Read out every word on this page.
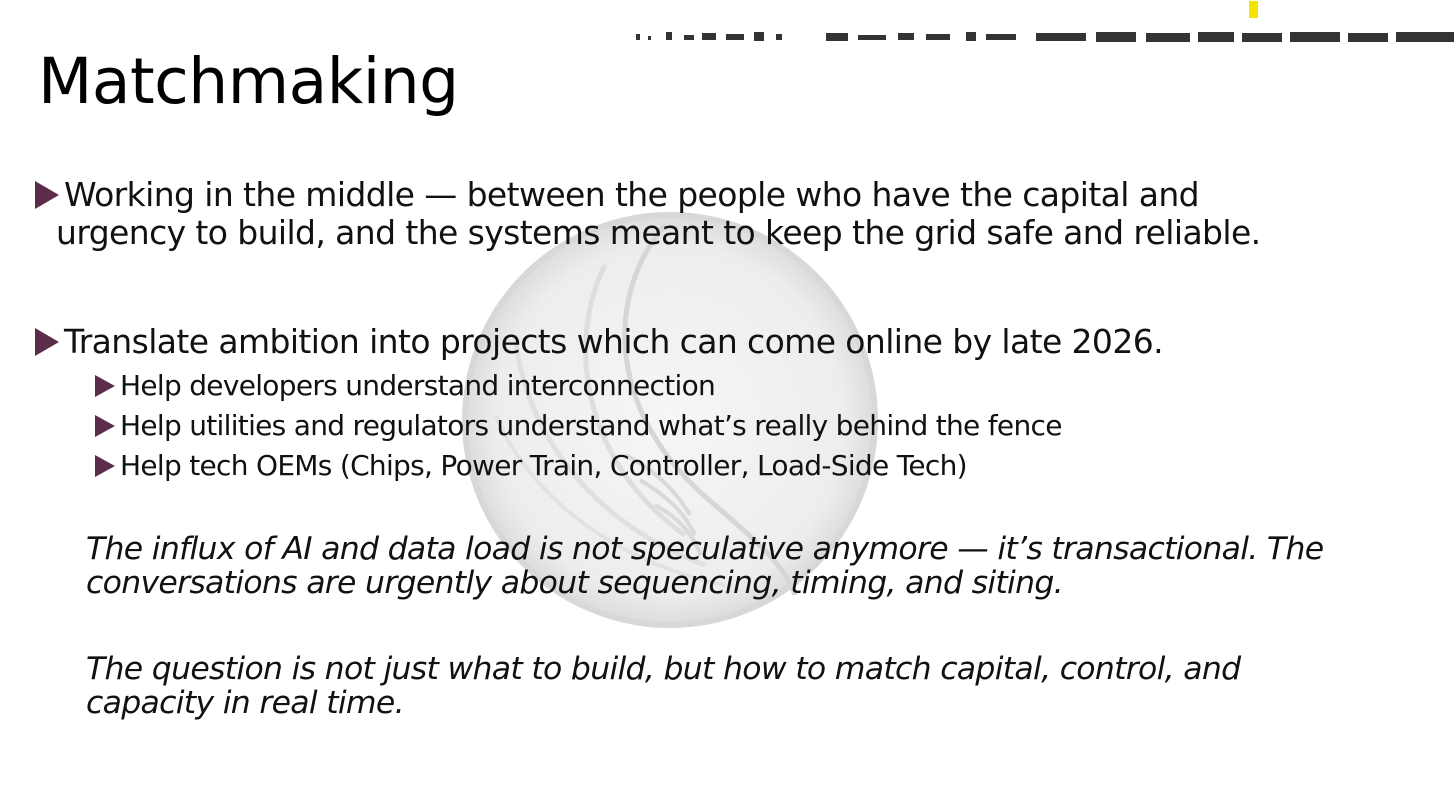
Matchmaking
Working in the middle — between the people who have the capital and
urgency to build, and the systems meant to keep the grid safe and reliable.
Translate ambition into projects which can come online by late 2026.
Help developers understand interconnection
Help utilities and regulators understand what’s really behind the fence
Help tech OEMs (Chips, Power Train, Controller, Load-Side Tech)

The influx of AI and data load is not speculative anymore — it’s transactional. The

conversations are urgently about sequencing, timing, and siting.

The question is not just what to build, but how to match capital, control, and

capacity in real time.
